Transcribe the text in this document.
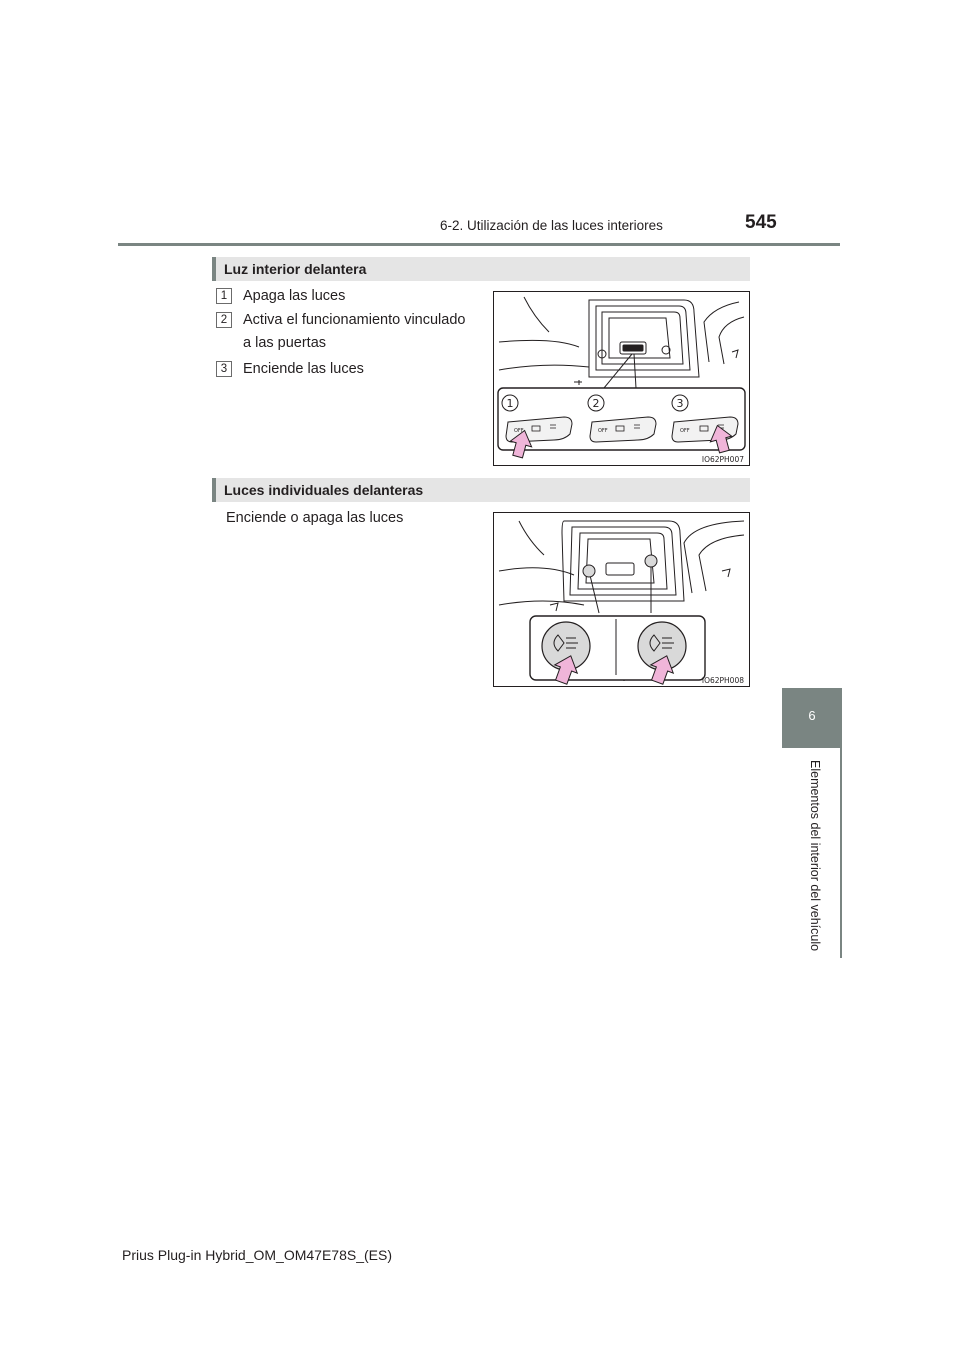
6-2. Utilización de las luces interiores	545
6
Elementos del interior del vehículo
Luz interior delantera
1	Apaga las luces
2	Activa el funcionamiento vinculado
a las puertas
3	Enciende las luces
1	2	3
OFF	OFF	OFF
IO62PH007
Luces individuales delanteras
Enciende o apaga las luces
IO62PH008
Prius Plug-in Hybrid_OM_OM47E78S_(ES)
